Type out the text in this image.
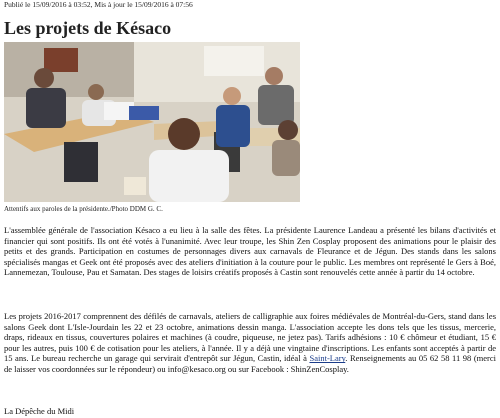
Publié le 15/09/2016 à 03:52, Mis à jour le 15/09/2016 à 07:56
Les projets de Késaco
Attentifs aux paroles de la présidente./Photo DDM G. C.

L'assemblée générale de l'association Késaco a eu lieu à la salle des fêtes. La présidente Laurence Landeau a présenté les bilans d'activités et financier qui sont positifs. Ils ont été votés à l'unanimité. Avec leur troupe, les Shin Zen Cosplay proposent des animations pour le plaisir des petits et des grands. Participation en costumes de personnages divers aux carnavals de Fleurance et de Jégun. Des stands dans les salons spécialisés mangas et Geek ont été proposés avec des ateliers d'initiation à la couture pour le public. Les membres ont représenté le Gers à Boé, Lannemezan, Toulouse, Pau et Samatan. Des stages de loisirs créatifs proposés à Castin sont renouvelés cette année à partir du 14 octobre.

Les projets 2016-2017 comprennent des défilés de carnavals, ateliers de calligraphie aux foires médiévales de Montréal-du-Gers, stand dans les salons Geek dont L'Isle-Jourdain les 22 et 23 octobre, animations dessin manga. L'association accepte les dons tels que les tissus, mercerie, draps, rideaux en tissus, couvertures polaires et machines (à coudre, piqueuse, ne jetez pas). Tarifs adhésions : 10 € chômeur et étudiant, 15 € pour les autres, puis 100 € de cotisation pour les ateliers, à l'année. Il y a déjà une vingtaine d'inscriptions. Les enfants sont acceptés à partir de 15 ans. Le bureau recherche un garage qui servirait d'entrepôt sur Jégun, Castin, idéal à Saint-Lary. Renseignements au 05 62 58 11 98 (merci de laisser vos coordonnées sur le répondeur) ou info@kesaco.org ou sur Facebook : ShinZenCosplay.

La Dépêche du Midi
